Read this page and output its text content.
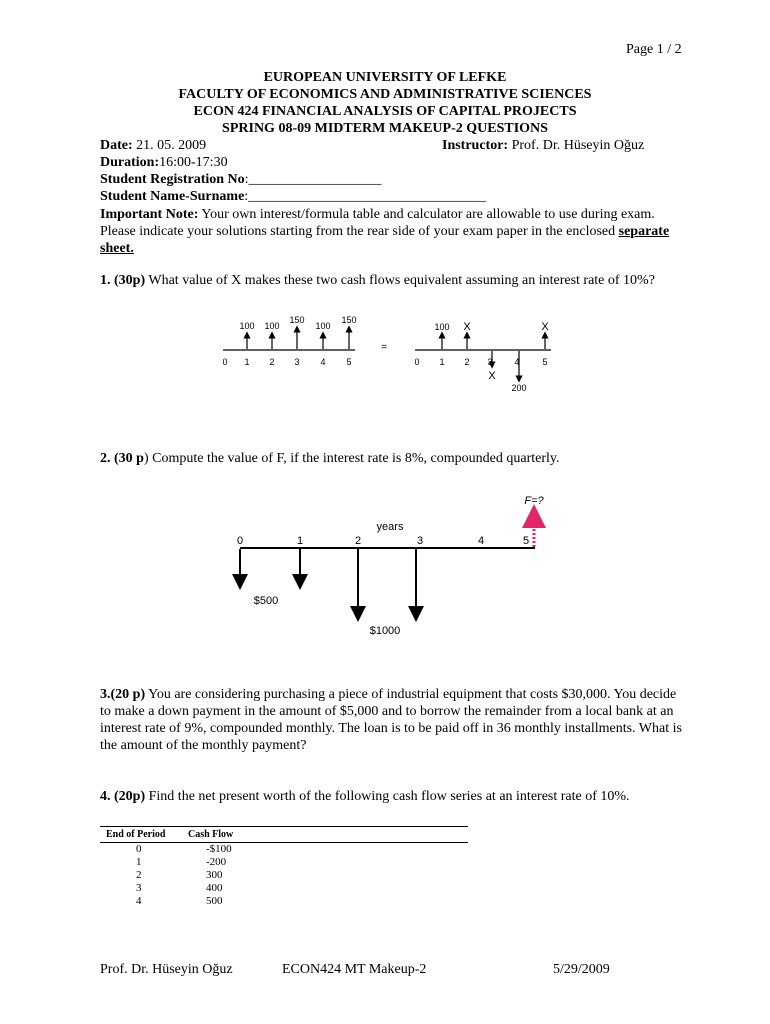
Page 1 / 2
EUROPEAN UNIVERSITY OF LEFKE
FACULTY OF ECONOMICS AND ADMINISTRATIVE SCIENCES
ECON 424 FINANCIAL ANALYSIS OF CAPITAL PROJECTS
SPRING 08-09 MIDTERM MAKEUP-2 QUESTIONS
Date: 21. 05. 2009	Instructor: Prof. Dr. Hüseyin Oğuz
Duration:16:00-17:30
Student Registration No:___________________
Student Name-Surname:__________________________________
Important Note: Your own interest/formula table and calculator are allowable to use during exam.
Please indicate your solutions starting from the rear side of your exam paper in the enclosed separate sheet.
1. (30p) What value of X makes these two cash flows equivalent assuming an interest rate of 10%?
0 1
100
2
100
3
150
4
100
5
150
=
0 1
100
2
X
3
X
4
200
5
X
2. (30 p) Compute the value of F, if the interest rate is 8%, compounded quarterly.
F=?
years
0	1	2	3	4	5
$500
$1000
3.(20 p) You are considering purchasing a piece of industrial equipment that costs $30,000. You decide to make a down payment in the amount of $5,000 and to borrow the remainder from a local bank at an interest rate of 9%, compounded monthly. The loan is to be paid off in 36 monthly installments. What is the amount of the monthly payment?
4. (20p) Find the net present worth of the following cash flow series at an interest rate of 10%.
End of Period Cash Flow
0	-$100
1	-200
2	300
3	400
4	500
Prof. Dr. Hüseyin Oğuz	ECON424 MT Makeup-2	5/29/2009
